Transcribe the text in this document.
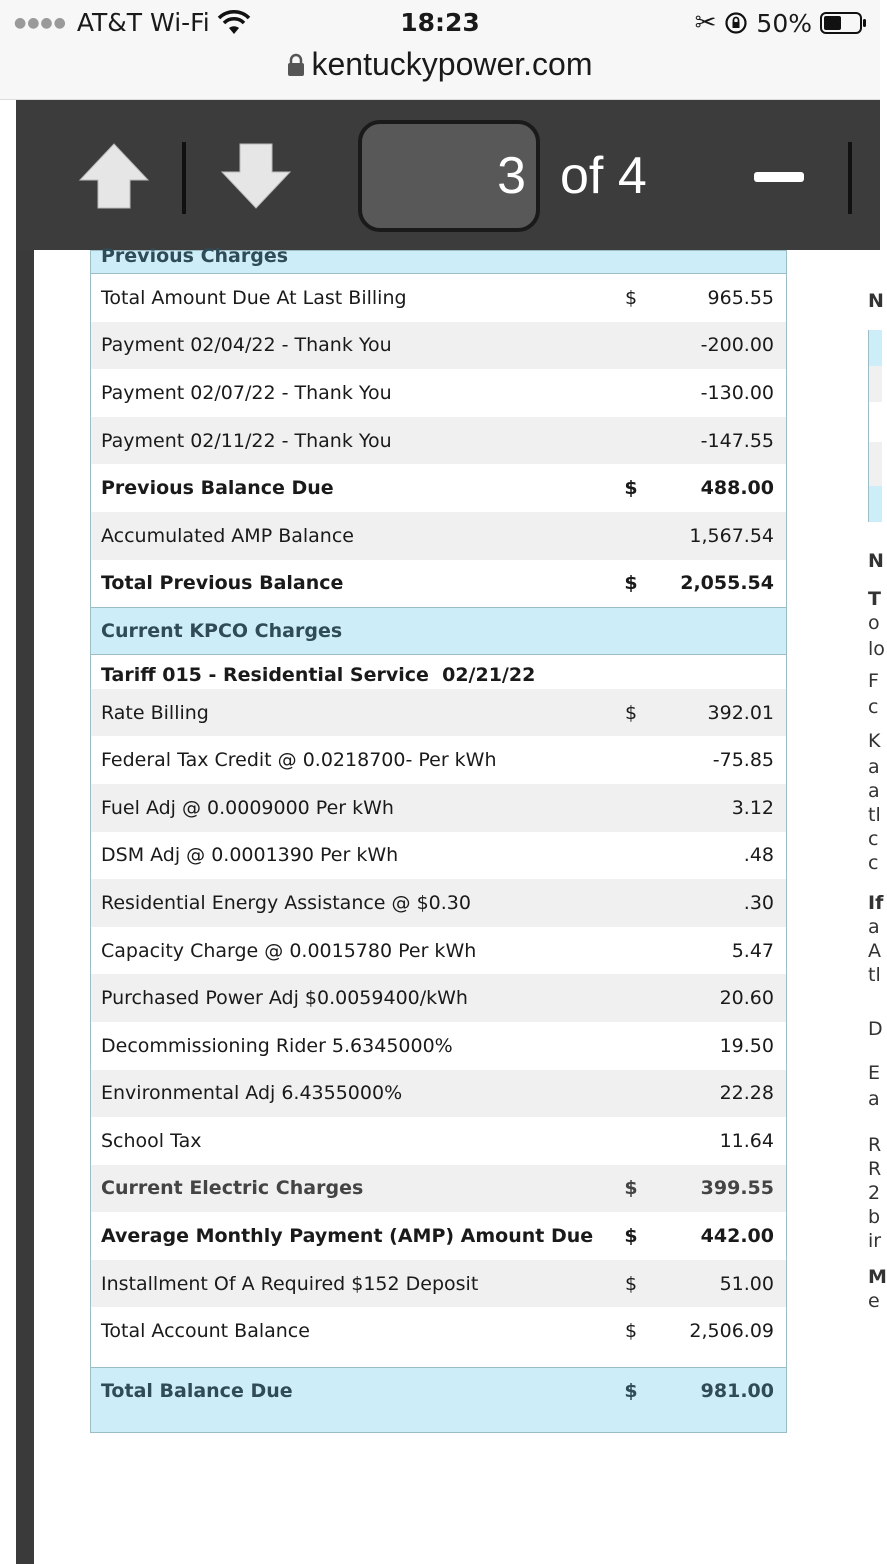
●●●● AT&T Wi-Fi	18:23	✂ 50%
kentuckypower.com
3 of 4
Previous Charges
Total Amount Due At Last Billing	$	965.55
Payment 02/04/22 - Thank You	-200.00
Payment 02/07/22 - Thank You	-130.00
Payment 02/11/22 - Thank You	-147.55
Previous Balance Due	$	488.00
Accumulated AMP Balance	1,567.54
Total Previous Balance	$ 2,055.54
Current KPCO Charges
Tariff 015 - Residential Service  02/21/22
Rate Billing	$	392.01
Federal Tax Credit @ 0.0218700- Per kWh	-75.85
Fuel Adj @ 0.0009000 Per kWh	3.12
DSM Adj @ 0.0001390 Per kWh	.48
Residential Energy Assistance @ $0.30	.30
Capacity Charge @ 0.0015780 Per kWh	5.47
Purchased Power Adj $0.0059400/kWh	20.60
Decommissioning Rider 5.6345000%	19.50
Environmental Adj 6.4355000%	22.28
School Tax	11.64
Current Electric Charges	$	399.55
Average Monthly Payment (AMP) Amount Due $	442.00
Installment Of A Required $152 Deposit	$	51.00
Total Account Balance	$	2,506.09
Total Balance Due	$	981.00
N
N
T
o
lo
F
c
K
a
a
tl
c
c
If
a
A
tl
D
E
a
R
R
2
b
ir
M
e
